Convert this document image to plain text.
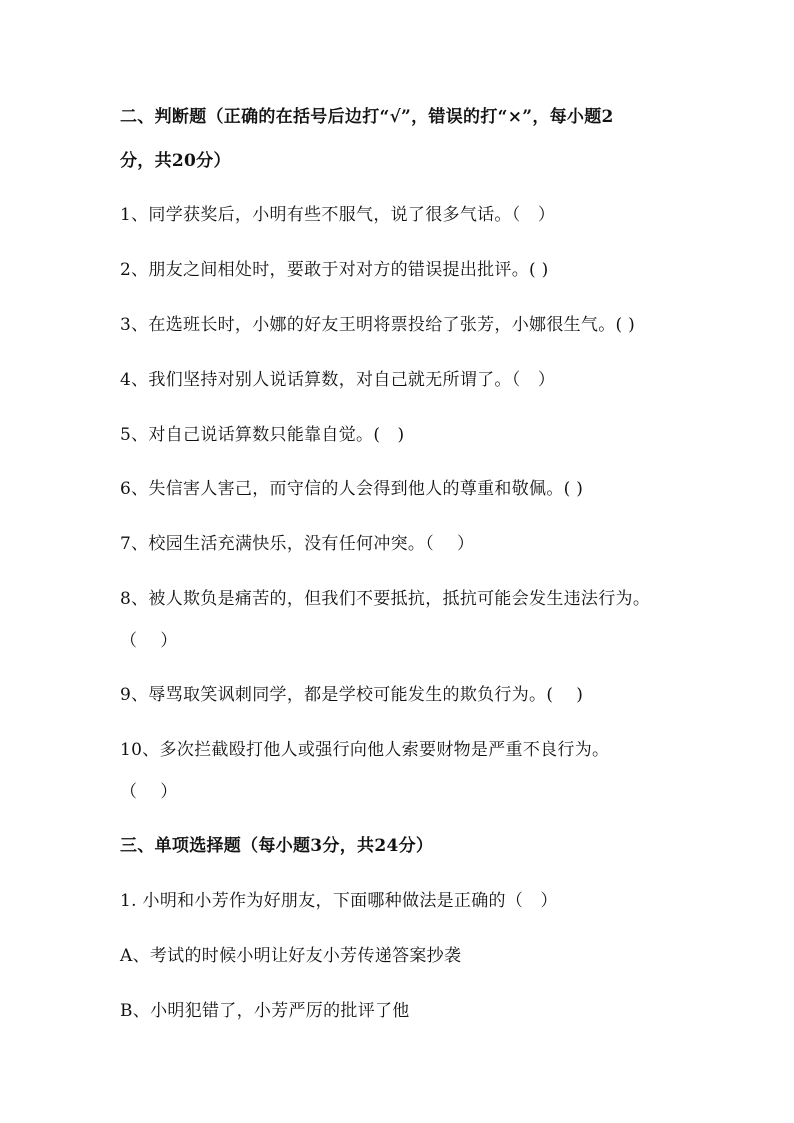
二、判断题（正确的在括号后边打“√”，错误的打“×”，每小题2
分，共20分）
1、同学获奖后，小明有些不服气，说了很多气话。（　）
2、朋友之间相处时，要敢于对对方的错误提出批评。( )
3、在选班长时，小娜的好友王明将票投给了张芳，小娜很生气。( )
4、我们坚持对别人说话算数，对自己就无所谓了。（　）
5、对自己说话算数只能靠自觉。(　)
6、失信害人害己，而守信的人会得到他人的尊重和敬佩。( )
7、校园生活充满快乐，没有任何冲突。（　 ）
8、被人欺负是痛苦的，但我们不要抵抗，抵抗可能会发生违法行为。
（　 ）
9、辱骂取笑讽刺同学，都是学校可能发生的欺负行为。(　 )
10、多次拦截殴打他人或强行向他人索要财物是严重不良行为。
（　 ）
三、单项选择题（每小题3分，共24分）
1. 小明和小芳作为好朋友，下面哪种做法是正确的（　）
A、考试的时候小明让好友小芳传递答案抄袭
B、小明犯错了，小芳严厉的批评了他
